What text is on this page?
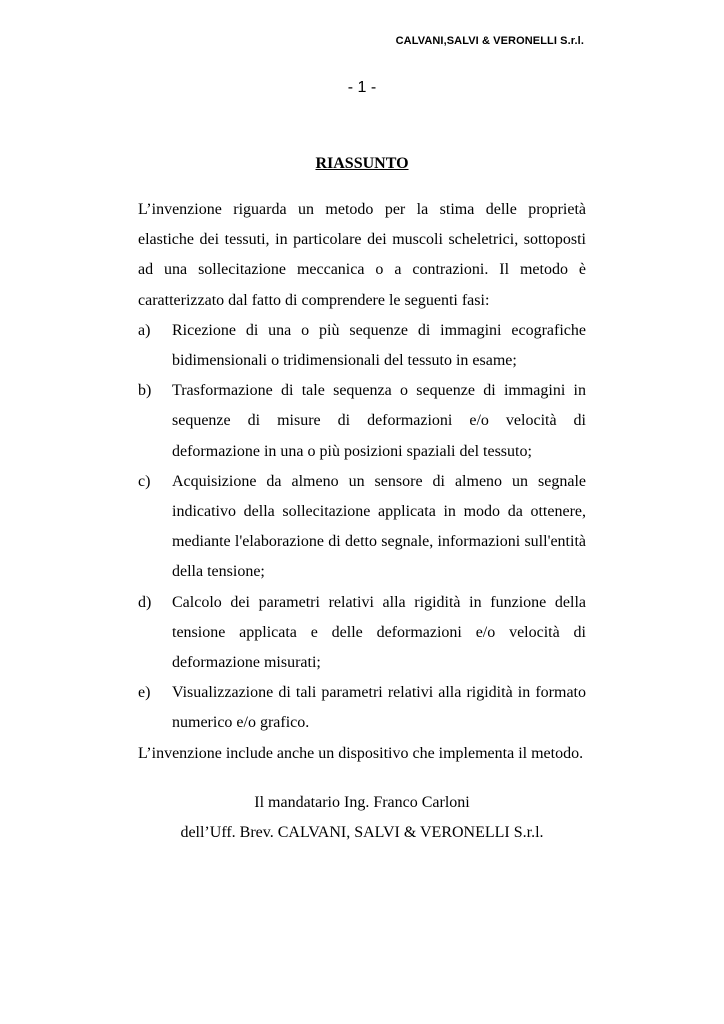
CALVANI,SALVI & VERONELLI S.r.l.
- 1 -
RIASSUNTO

L’invenzione riguarda un metodo per la stima delle proprietà elastiche dei tessuti, in particolare dei muscoli scheletrici, sottoposti ad una sollecitazione meccanica o a contrazioni. Il metodo è caratterizzato dal fatto di comprendere le seguenti fasi:

a)	Ricezione di una o più sequenze di immagini ecografiche bidimensionali o tridimensionali del tessuto in esame;
b)	Trasformazione di tale sequenza o sequenze di immagini in sequenze di misure di deformazioni e/o velocità di deformazione in una o più posizioni spaziali del tessuto;
c)	Acquisizione da almeno un sensore di almeno un segnale indicativo della sollecitazione applicata in modo da ottenere, mediante l'elaborazione di detto segnale, informazioni sull'entità della tensione;
d)	Calcolo dei parametri relativi alla rigidità in funzione della tensione applicata e delle deformazioni e/o velocità di deformazione misurati;
e)	Visualizzazione di tali parametri relativi alla rigidità in formato numerico e/o grafico.

L’invenzione include anche un dispositivo che implementa il metodo.

Il mandatario Ing. Franco Carloni
dell’Uff. Brev. CALVANI, SALVI & VERONELLI S.r.l.
